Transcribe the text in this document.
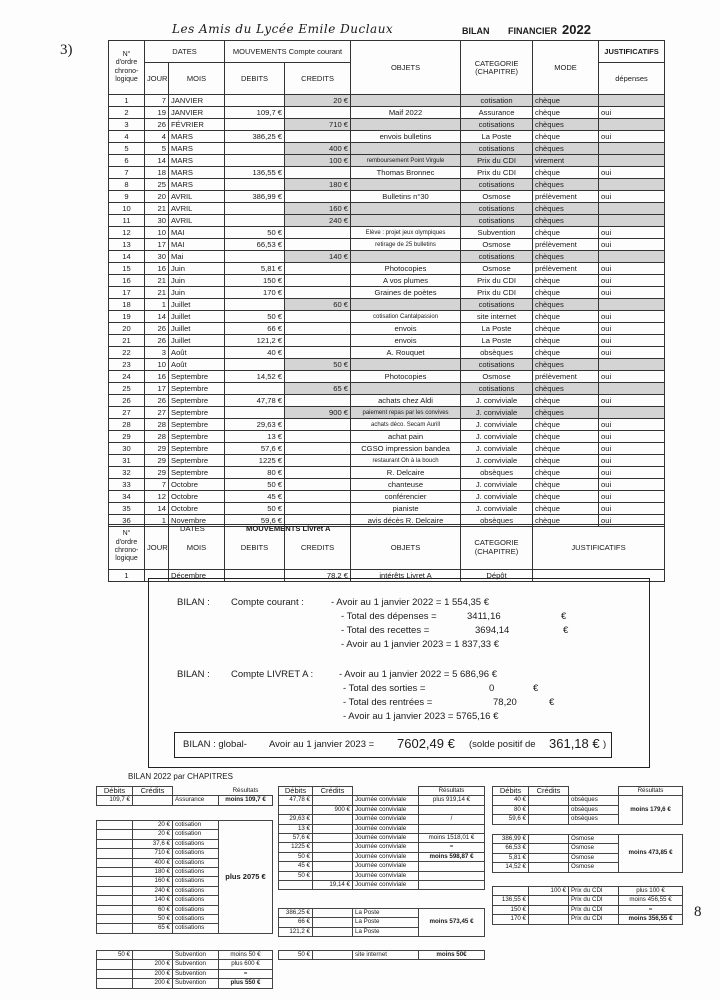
3)
8
Les Amis du Lycée Emile Duclaux	BILAN FINANCIER 2022
N° d'ordre chrono-logique	DATES		MOUVEMENTS Compte courant		OBJETS	CATEGORIE (CHAPITRE)	MODE	JUSTIFICATIFS
	JOUR	MOIS	DEBITS	CREDITS				dépenses
1	7	JANVIER		20 €		cotisation	chèque	
2	19	JANVIER	109,7 €		Maif 2022	Assurance	chèque	oui
3	26	FÉVRIER		710 €		cotisations	chèques	
4	4	MARS	386,25 €		envois bulletins	La Poste	chèque	oui
5	5	MARS		400 €		cotisations	chèques	
6	14	MARS		100 €	remboursement Point Virgule	Prix du CDI	virement	
7	18	MARS	136,55 €		Thomas Bronnec	Prix du CDI	chèque	oui
8	25	MARS		180 €		cotisations	chèques	
9	20	AVRIL	386,99 €		Bulletins n°30	Osmose	prélèvement	oui
10	21	AVRIL		160 €		cotisations	chèques	
11	30	AVRIL		240 €		cotisations	chèques	
12	10	MAI	50 €		Elève : projet jeux olympiques	Subvention	chèque	oui
13	17	MAI	66,53 €		retirage de 25 bulletins	Osmose	prélèvement	oui
14	30	Mai		140 €		cotisations	chèques	
15	16	Juin	5,81 €		Photocopies	Osmose	prélèvement	oui
16	21	Juin	150 €		A vos plumes	Prix du CDI	chèque	oui
17	21	Juin	170 €		Graines de poètes	Prix du CDI	chèque	oui
18	1	Juillet		60 €		cotisations	chèques	
19	14	Juillet	50 €		cotisation Cantalpassion	site internet	chèque	oui
20	26	Juillet	66 €		envois	La Poste	chèque	oui
21	26	Juillet	121,2 €		envois	La Poste	chèque	oui
22	3	Août	40 €		A. Rouquet	obsèques	chèque	oui
23	10	Août		50 €		cotisations	chèques	
24	16	Septembre	14,52 €		Photocopies	Osmose	prélèvement	oui
25	17	Septembre		65 €		cotisations	chèques	
26	26	Septembre	47,78 €		achats chez Aldi	J. conviviale	chèque	oui
27	27	Septembre		900 €	paiement repas par les convives	J. conviviale	chèques	
28	28	Septembre	29,63 €		achats déco. Secam Aurill	J. conviviale	chèque	oui
29	28	Septembre	13 €		achat pain	J. conviviale	chèque	oui
30	29	Septembre	57,6 €		CGSO impression bandea	J. conviviale	chèque	oui
31	29	Septembre	1225 €		restaurant Oh à la bouch	J. conviviale	chèque	oui
32	29	Septembre	80 €		R. Delcaire	obsèques	chèque	oui
33	7	Octobre	50 €		chanteuse	J. conviviale	chèque	oui
34	12	Octobre	45 €		conférencier	J. conviviale	chèque	oui
35	14	Octobre	50 €		pianiste	J. conviviale	chèque	oui
36	1	Novembre	59,6 €		avis décès R. Delcaire	obsèques	chèque	oui
N° d'ordre chrono-logique	JOUR	MOIS	DEBITS	CREDITS	OBJETS	CATEGORIE (CHAPITRE)	JUSTIFICATIFS
1		Décembre		78,2 €	intérêts Livret A	Dépôt	
DATES	MOUVEMENTS Livret A
BILAN : Compte courant :	- Avoir au 1 janvier 2022 = 1 554,35 €
- Total des dépenses =	3411,16	€
- Total des recettes =	3694,14	€
- Avoir au 1 janvier 2023 = 1 837,33 €
BILAN : Compte LIVRET A :	- Avoir au 1 janvier 2022 = 5 686,96 €
- Total des sorties =	0	€
- Total des rentrées =	78,20	€
- Avoir au 1 janvier 2023 = 5765,16 €
BILAN : global- Avoir au 1 janvier 2023 = 7602,49 € (solde positif de 361,18 € )
BILAN 2022 par CHAPITRES
Débits	Crédits		Résultats
109,7 €		Assurance	moins 109,7 €
	20 €	cotisation	plus 2075 €
	20 €	cotisation	
	37,6 €	cotisations	
	710 €	cotisations	
	400 €	cotisations	
	180 €	cotisations	
	160 €	cotisations	
	240 €	cotisations	
	140 €	cotisations	
	60 €	cotisations	
	50 €	cotisations	
	65 €	cotisations	
50 €		Subvention	moins 50 €
	200 €	Subvention	plus 600 €
	200 €	Subvention	=
	200 €	Subvention	plus 550 €
Débits	Crédits		Résultats
47,78 €		Journée conviviale	plus 919,14 €
	900 €	Journée conviviale	
29,63 €		Journée conviviale	/
13 €		Journée conviviale	
57,6 €		Journée conviviale	moins 1518,01 €
1225 €		Journée conviviale	=
50 €		Journée conviviale	moins 598,87 €
45 €		Journée conviviale	
50 €		Journée conviviale	
	19,14 €	Journée conviviale	
386,25 €		La Poste	moins 573,45 €
66 €		La Poste	
121,2 €		La Poste	
50 €		site internet	moins 50€
Débits	Crédits		Résultats
40 €		obsèques	moins 179,6 €
80 €		obsèques	
59,6 €		obsèques	
386,99 €		Osmose	moins 473,85 €
66,53 €		Osmose	
5,81 €		Osmose	
14,52 €		Osmose	
	100 €	Prix du CDI	plus 100 €
136,55 €		Prix du CDI	moins 456,55 €
150 €		Prix du CDI	=
170 €		Prix du CDI	moins 356,55 €
